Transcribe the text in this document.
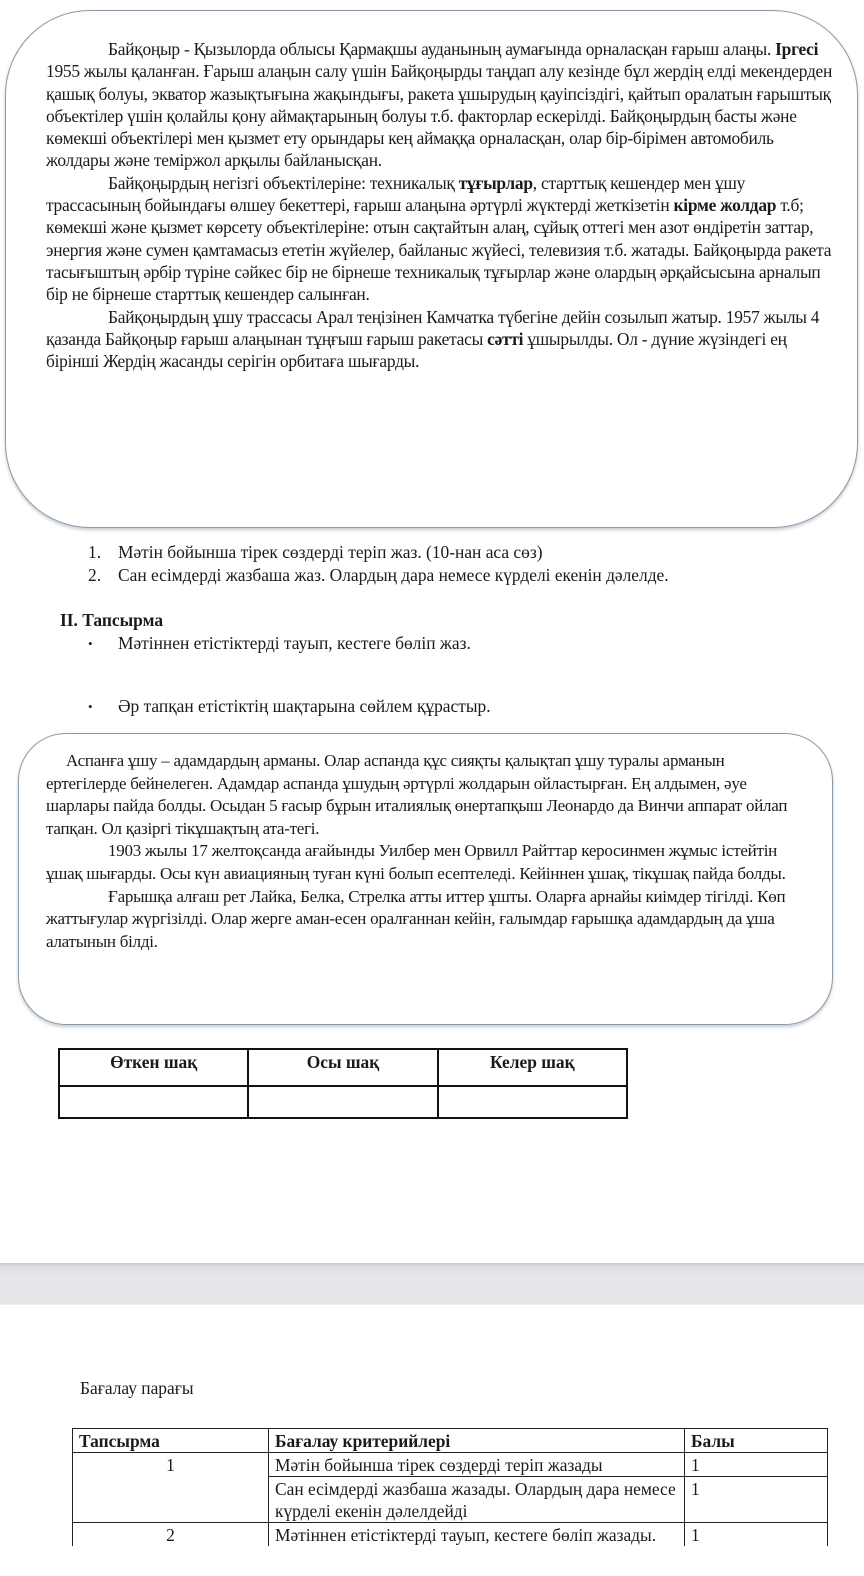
Байқоңыр - Қызылорда облысы Қармақшы ауданының аумағында орналасқан ғарыш алаңы. Іргесі 1955 жылы қаланған. Ғарыш алаңын салу үшін Байқоңырды таңдап алу кезінде бұл жердің елді мекендерден қашық болуы, экватор жазықтығына жақындығы, ракета ұшырудың қауіпсіздігі, қайтып оралатын ғарыштық объектілер үшін қолайлы қону аймақтарының болуы т.б. факторлар ескерілді. Байқоңырдың басты және көмекші объектілері мен қызмет ету орындары кең аймаққа орналасқан, олар бір-бірімен автомобиль жолдары және теміржол арқылы байланысқан.

Байқоңырдың негізгі объектілеріне: техникалық тұғырлар, старттық кешендер мен ұшу трассасының бойындағы өлшеу бекеттері, ғарыш алаңына әртүрлі жүктерді жеткізетін кірме жолдар т.б; көмекші және қызмет көрсету объектілеріне: отын сақтайтын алаң, сұйық оттегі мен азот өндіретін заттар, энергия және сумен қамтамасыз ететін жүйелер, байланыс жүйесі, телевизия т.б. жатады. Байқоңырда ракета тасығыштың әрбір түріне сәйкес бір не бірнеше техникалық тұғырлар және олардың әрқайсысына арналып бір не бірнеше старттық кешендер салынған.

Байқоңырдың ұшу трассасы Арал теңізінен Камчатка түбегіне дейін созылып жатыр. 1957 жылы 4 қазанда Байқоңыр ғарыш алаңынан тұңғыш ғарыш ракетасы сәтті ұшырылды. Ол - дүние жүзіндегі ең бірінші Жердің жасанды серігін орбитаға шығарды.

1. Мәтін бойынша тірек сөздерді теріп жаз. (10-нан аса сөз)
2. Сан есімдерді жазбаша жаз. Олардың дара немесе күрделі екенін дәлелде.
ІІ. Тапсырма
•	Мәтіннен етістіктерді тауып, кестеге бөліп жаз.
•	Әр тапқан етістіктің шақтарына сөйлем құрастыр.

Аспанға ұшу – адамдардың арманы. Олар аспанда құс сияқты қалықтап ұшу туралы арманын ертегілерде бейнелеген. Адамдар аспанда ұшудың әртүрлі жолдарын ойластырған. Ең алдымен, әуе шарлары пайда болды. Осыдан 5 ғасыр бұрын италиялық өнертапқыш Леонардо да Винчи аппарат ойлап тапқан. Ол қазіргі тікұшақтың ата-тегі.

1903 жылы 17 желтоқсанда ағайынды Уилбер мен Орвилл Райттар керосинмен жұмыс істейтін ұшақ шығарды. Осы күн авиацияның туған күні болып есептеледі. Кейіннен ұшақ, тікұшақ пайда болды.

Ғарышқа алғаш рет Лайка, Белка, Стрелка атты иттер ұшты. Оларға арнайы киімдер тігілді. Көп жаттығулар жүргізілді. Олар жерге аман-есен оралғаннан кейін, ғалымдар ғарышқа адамдардың да ұша алатынын білді.

Өткен шақ	Осы шақ	Келер шақ

Бағалау парағы

Тапсырма	Бағалау критерийлері	Балы
1	Мәтін бойынша тірек сөздерді теріп жазады	1
	Сан есімдерді жазбаша жазады. Олардың дара немесе күрделі екенін дәлелдейді	1
2	Мәтіннен етістіктерді тауып, кестеге бөліп жазады.	1
